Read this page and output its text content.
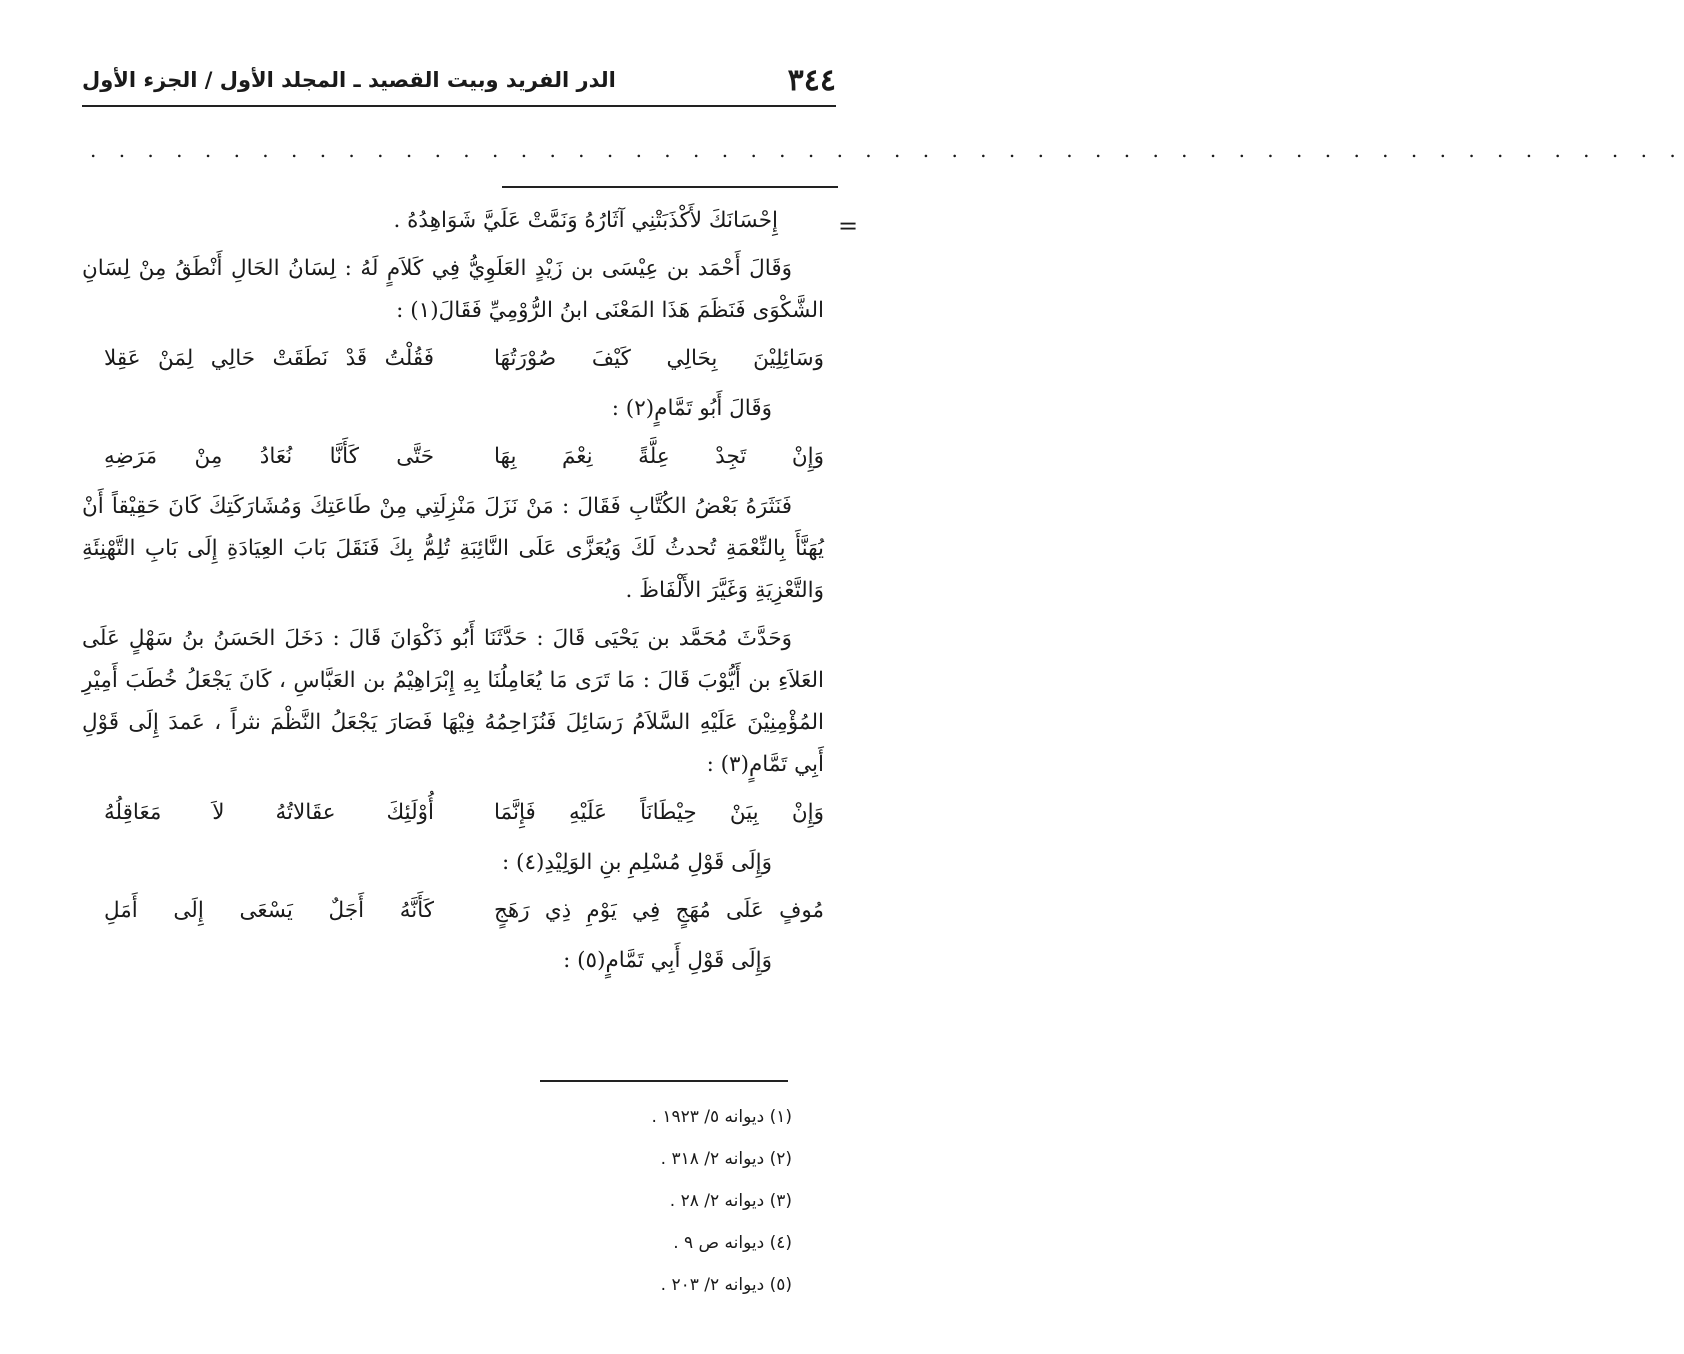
٣٤٤
الدر الفريد وبيت القصيد ـ المجلد الأول / الجزء الأول
. . . . . . . . . . . . . . . . . . . . . . . . . . . . . . . . . . . . . . . . . . . . . . . . . . . . . . . .
=

إِحْسَانَكَ لأَكْذَبَتْنِي آثَارُهُ وَنَمَّتْ عَلَيَّ شَوَاهِدُهُ .

وَقَالَ أَحْمَد بن عِيْسَى بن زَيْدٍ العَلَوِيُّ فِي كَلاَمٍ لَهُ : لِسَانُ الحَالِ أَنْطَقُ مِنْ لِسَانِ الشَّكْوَى فَنَظَمَ هَذَا المَعْنَى ابنُ الرُّوْمِيِّ فَقَالَ(١) :

وَسَائِلِيْنَ بِحَالِي كَيْفَ صُوْرَتُهَا
فَقُلْتُ قَدْ نَطَقَتْ حَالِي لِمَنْ عَقِلا
وَقَالَ أَبُو تَمَّامٍ(٢) :
وَإِنْ تَجِدْ عِلَّةً نِعْمَ بِهَا
حَتَّى كَأَنَّا نُعَادُ مِنْ مَرَضِهِ

فَنَثَرَهُ بَعْضُ الكُتَّابِ فَقَالَ : مَنْ نَزَلَ مَنْزِلَتِي مِنْ طَاعَتِكَ وَمُشَارَكَتِكَ كَانَ حَقِيْقاً أَنْ يُهَنَّأَ بِالنِّعْمَةِ تُحدثُ لَكَ وَيُعَزَّى عَلَى النَّائِبَةِ تُلِمُّ بِكَ فَنَقَلَ بَابَ العِيَادَةِ إِلَى بَابِ التَّهْنِئَةِ وَالتَّعْزِيَةِ وَغَيَّرَ الأَلْفَاظَ .

وَحَدَّثَ مُحَمَّد بن يَحْيَى قَالَ : حَدَّثَنَا أَبُو ذَكْوَانَ قَالَ : دَخَلَ الحَسَنُ بنُ سَهْلٍ عَلَى العَلاَءِ بن أَيُّوْبَ قَالَ : مَا تَرَى مَا يُعَامِلُنَا بِهِ إِبْرَاهِيْمُ بن العَبَّاسِ ، كَانَ يَجْعَلُ خُطَبَ أَمِيْرِ المُؤْمِنِيْنَ عَلَيْهِ السَّلاَمُ رَسَائِلَ فَنُزَاحِمُهُ فِيْهَا فَصَارَ يَجْعَلُ النَّظْمَ نثراً ، عَمدَ إِلَى قَوْلِ أَبِي تَمَّامٍ(٣) :

وَإِنْ بِيَنْ حِيْطَانَاً عَلَيْهِ فَإِنَّمَا
أُوْلَئِكَ عقَالاتُهُ لاَ مَعَاقِلُهُ
وَإِلَى قَوْلِ مُسْلِمِ بنِ الوَلِيْدِ(٤) :
مُوفٍ عَلَى مُهَجٍ فِي يَوْمِ ذِي رَهَجٍ
كَأَنَّهُ أَجَلٌ يَسْعَى إِلَى أَمَلِ
وَإِلَى قَوْلِ أَبِي تَمَّامٍ(٥) :

(١) ديوانه ٥/ ١٩٢٣ .

(٢) ديوانه ٢/ ٣١٨ .

(٣) ديوانه ٢/ ٢٨ .

(٤) ديوانه ص ٩ .

(٥) ديوانه ٢/ ٢٠٣ .
